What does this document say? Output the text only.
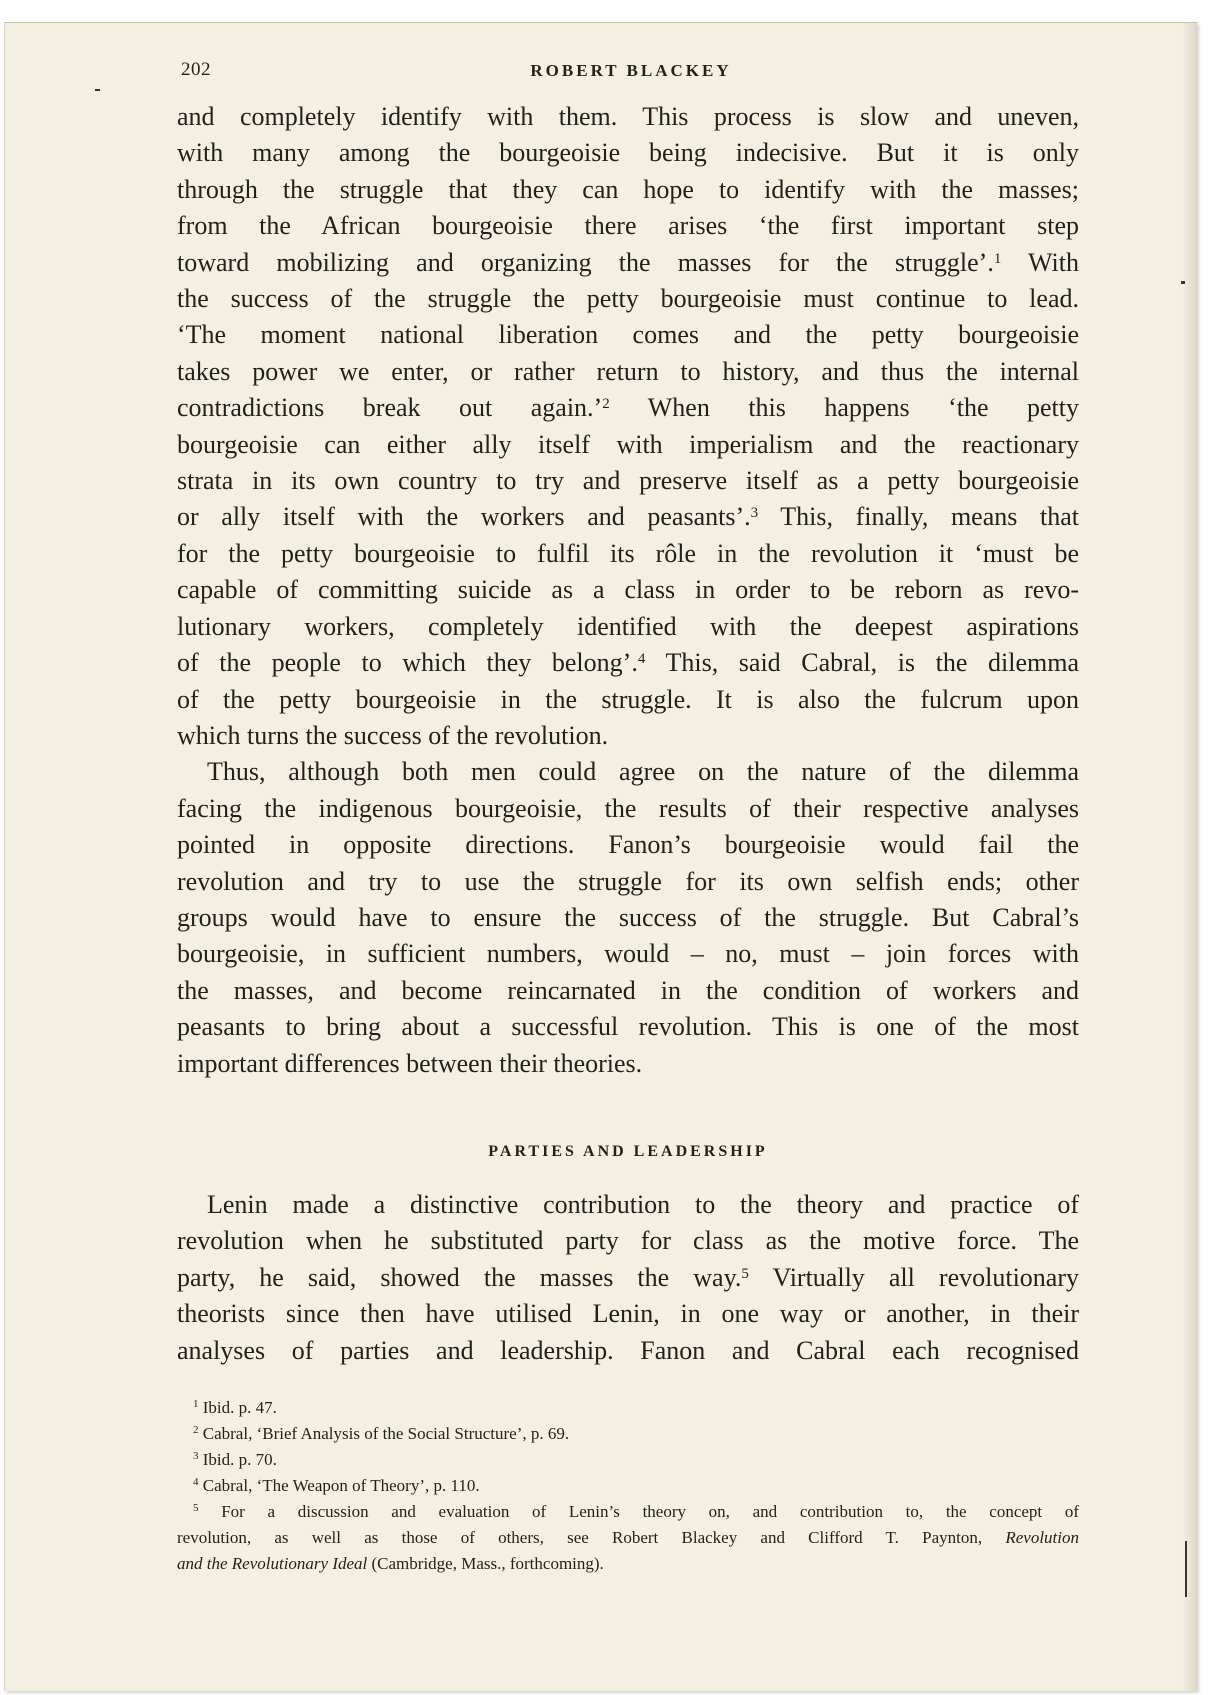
202	ROBERT BLACKEY
and completely identify with them. This process is slow and uneven,
with many among the bourgeoisie being indecisive. But it is only
through the struggle that they can hope to identify with the masses;
from the African bourgeoisie there arises ‘the first important step
toward mobilizing and organizing the masses for the struggle’.$^1$ With
the success of the struggle the petty bourgeoisie must continue to lead.
‘The moment national liberation comes and the petty bourgeoisie
takes power we enter, or rather return to history, and thus the internal
contradictions break out again.’$^2$ When this happens ‘the petty
bourgeoisie can either ally itself with imperialism and the reactionary
strata in its own country to try and preserve itself as a petty bourgeoisie
or ally itself with the workers and peasants’.$^3$ This, finally, means that
for the petty bourgeoisie to fulfil its rôle in the revolution it ‘must be
capable of committing suicide as a class in order to be reborn as revo-
lutionary workers, completely identified with the deepest aspirations
of the people to which they belong’.$^4$ This, said Cabral, is the dilemma
of the petty bourgeoisie in the struggle. It is also the fulcrum upon
which turns the success of the revolution.
Thus, although both men could agree on the nature of the dilemma
facing the indigenous bourgeoisie, the results of their respective analyses
pointed in opposite directions. Fanon’s bourgeoisie would fail the
revolution and try to use the struggle for its own selfish ends; other
groups would have to ensure the success of the struggle. But Cabral’s
bourgeoisie, in sufficient numbers, would – no, must – join forces with
the masses, and become reincarnated in the condition of workers and
peasants to bring about a successful revolution. This is one of the most
important differences between their theories.
PARTIES AND LEADERSHIP
Lenin made a distinctive contribution to the theory and practice of
revolution when he substituted party for class as the motive force. The
party, he said, showed the masses the way.$^5$ Virtually all revolutionary
theorists since then have utilised Lenin, in one way or another, in their
analyses of parties and leadership. Fanon and Cabral each recognised
$^1$ Ibid. p. 47.
$^2$ Cabral, ‘Brief Analysis of the Social Structure’, p. 69.
$^3$ Ibid. p. 70.
$^4$ Cabral, ‘The Weapon of Theory’, p. 110.
$^5$ For a discussion and evaluation of Lenin’s theory on, and contribution to, the concept of
revolution, as well as those of others, see Robert Blackey and Clifford T. Paynton, Revolution
and the Revolutionary Ideal (Cambridge, Mass., forthcoming).
